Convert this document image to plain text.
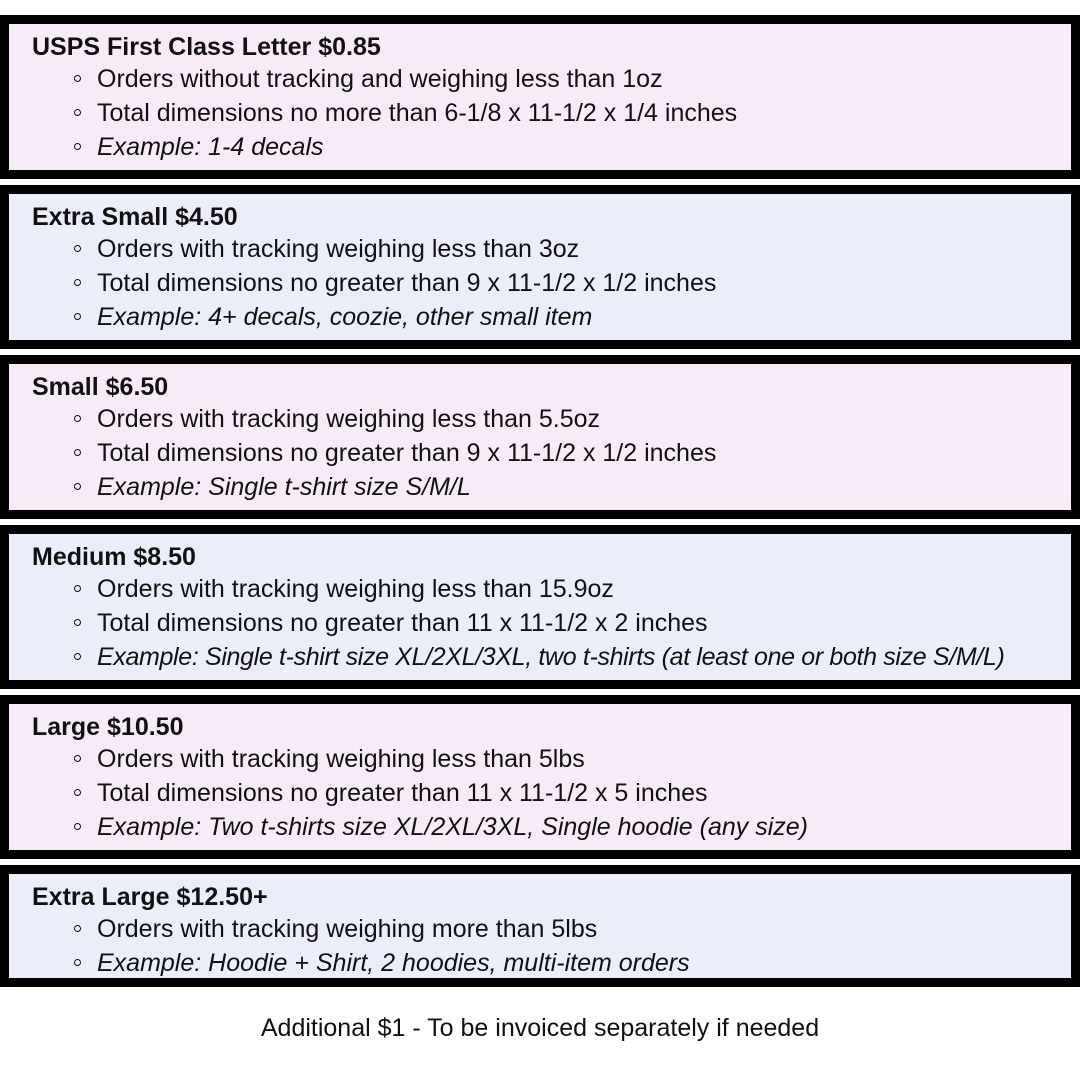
USPS First Class Letter $0.85
Orders without tracking and weighing less than 1oz
Total dimensions no more than 6-1/8 x 11-1/2 x 1/4 inches
Example: 1-4 decals
Extra Small $4.50
Orders with tracking weighing less than 3oz
Total dimensions no greater than 9 x 11-1/2 x 1/2 inches
Example: 4+ decals, coozie, other small item
Small $6.50
Orders with tracking weighing less than 5.5oz
Total dimensions no greater than 9 x 11-1/2 x 1/2 inches
Example: Single t-shirt size S/M/L
Medium $8.50
Orders with tracking weighing less than 15.9oz
Total dimensions no greater than 11 x 11-1/2 x 2 inches
Example: Single t-shirt size XL/2XL/3XL, two t-shirts (at least one or both size S/M/L)
Large $10.50
Orders with tracking weighing less than 5lbs
Total dimensions no greater than 11 x 11-1/2 x 5 inches
Example: Two t-shirts size XL/2XL/3XL, Single hoodie (any size)
Extra Large $12.50+
Orders with tracking weighing more than 5lbs
Example: Hoodie + Shirt, 2 hoodies, multi-item orders
Additional $1 - To be invoiced separately if needed
